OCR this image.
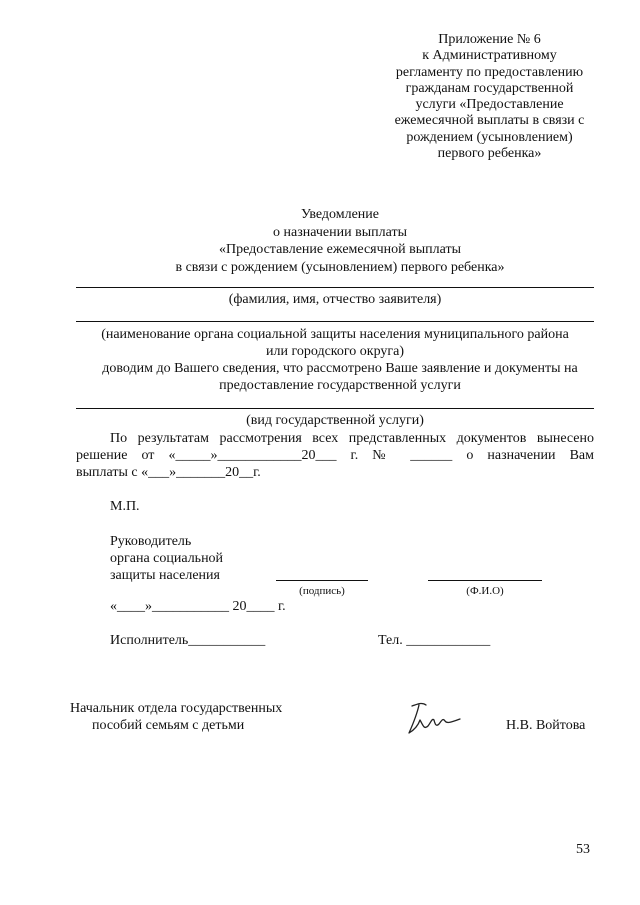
Приложение № 6
к Административному
регламенту по предоставлению
гражданам государственной
услуги «Предоставление
ежемесячной выплаты в связи с
рождением (усыновлением)
первого ребенка»
Уведомление
о назначении выплаты
«Предоставление ежемесячной выплаты
в связи с рождением (усыновлением) первого ребенка»
(фамилия, имя, отчество заявителя)
(наименование органа социальной защиты населения муниципального района
или городского округа)
доводим до Вашего сведения, что рассмотрено Ваше заявление и документы на
предоставление государственной услуги
(вид государственной услуги)
По результатам рассмотрения всех представленных документов вынесено
решение от «_____»____________20___ г. № ______ о назначении Вам
выплаты с «___»_______20__г.
М.П.
Руководитель
органа социальной
защиты населения
(подпись)	(Ф.И.О)
«____»___________ 20____ г.
Исполнитель___________	Тел. ____________
Начальник отдела государственных
пособий семьям с детьми	Н.В. Войтова
53
